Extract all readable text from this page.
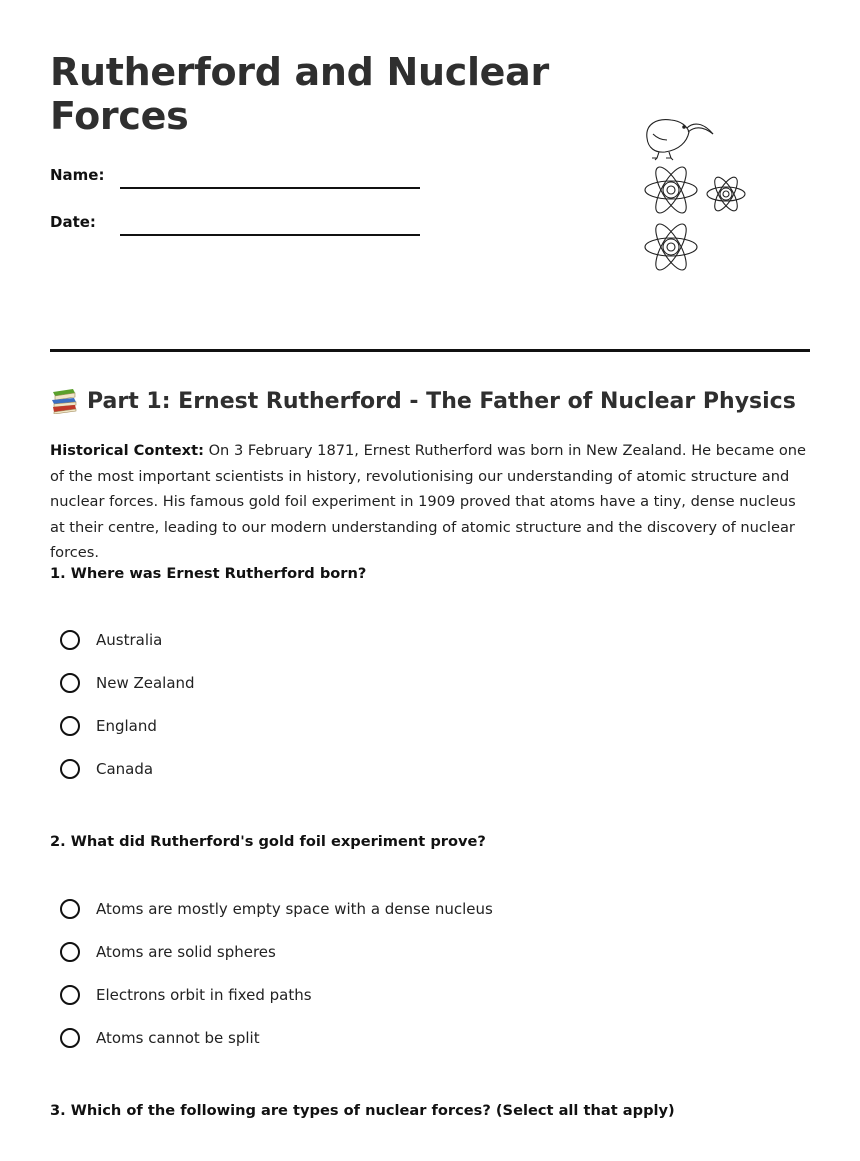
Rutherford and Nuclear Forces
Name:
Date:
Part 1: Ernest Rutherford - The Father of Nuclear Physics

Historical Context: On 3 February 1871, Ernest Rutherford was born in New Zealand. He became one of the most important scientists in history, revolutionising our understanding of atomic structure and nuclear forces. His famous gold foil experiment in 1909 proved that atoms have a tiny, dense nucleus at their centre, leading to our modern understanding of atomic structure and the discovery of nuclear forces.

1. Where was Ernest Rutherford born?
Australia
New Zealand
England
Canada
2. What did Rutherford's gold foil experiment prove?
Atoms are mostly empty space with a dense nucleus
Atoms are solid spheres
Electrons orbit in fixed paths
Atoms cannot be split
3. Which of the following are types of nuclear forces? (Select all that apply)
